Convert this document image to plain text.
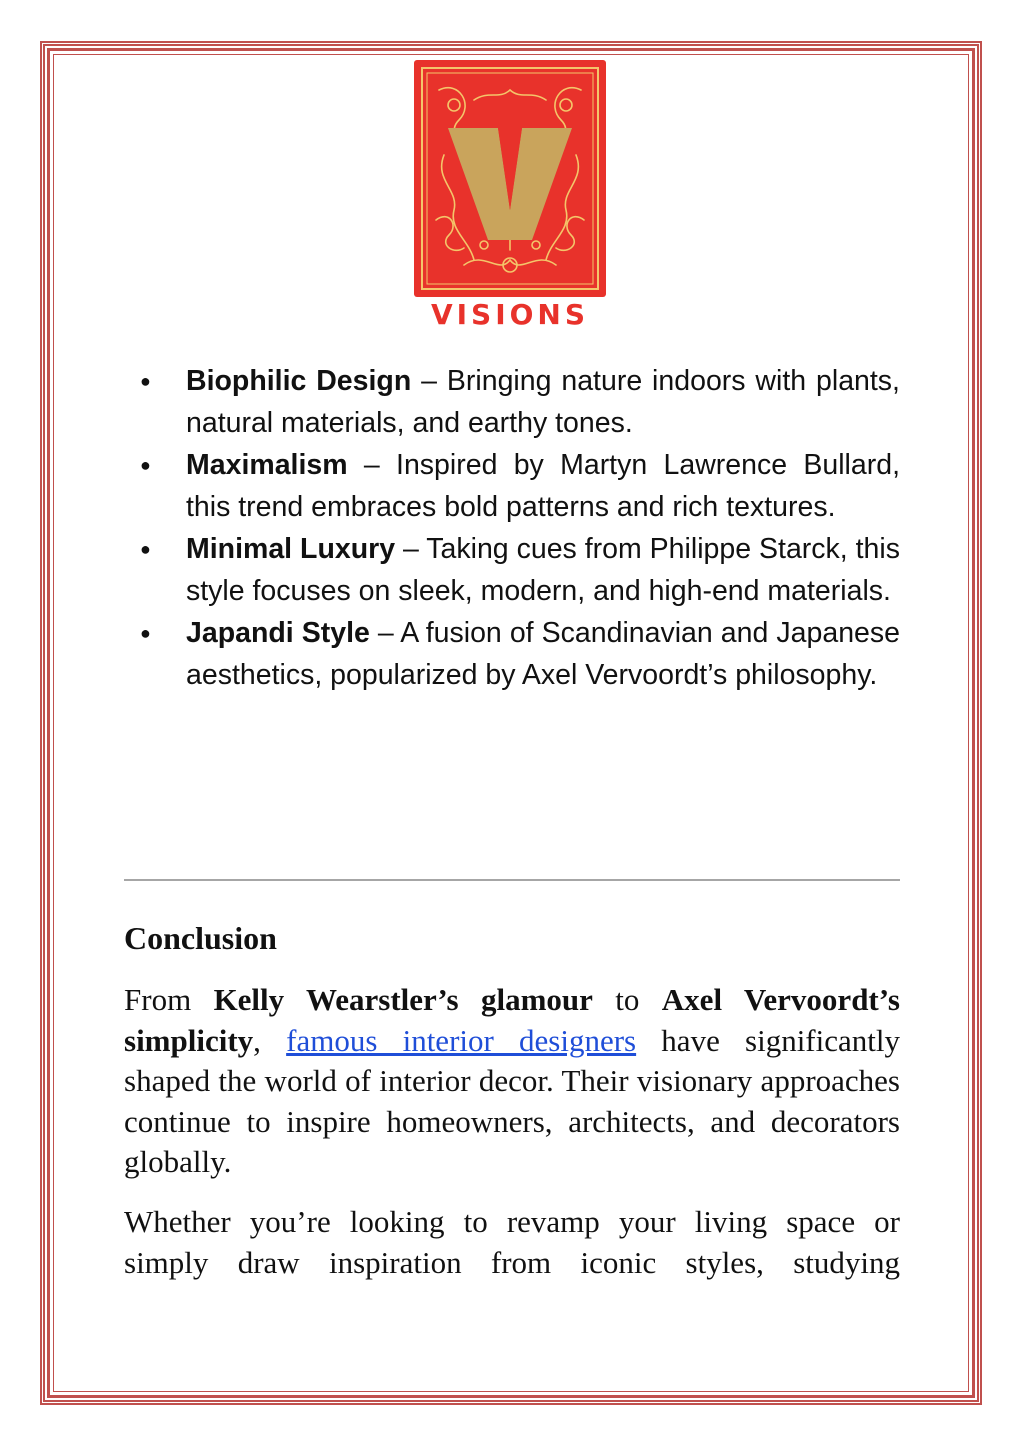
VISIONS
● Biophilic Design – Bringing nature indoors with plants, natural materials, and earthy tones.
● Maximalism – Inspired by Martyn Lawrence Bullard, this trend embraces bold patterns and rich textures.
● Minimal Luxury – Taking cues from Philippe Starck, this style focuses on sleek, modern, and high-end materials.
● Japandi Style – A fusion of Scandinavian and Japanese aesthetics, popularized by Axel Vervoordt’s philosophy.
Conclusion

From Kelly Wearstler’s glamour to Axel Vervoordt’s simplicity, famous interior designers have significantly shaped the world of interior decor. Their visionary approaches continue to inspire homeowners, architects, and decorators globally.

Whether you’re looking to revamp your living space or simply draw inspiration from iconic styles, studying
